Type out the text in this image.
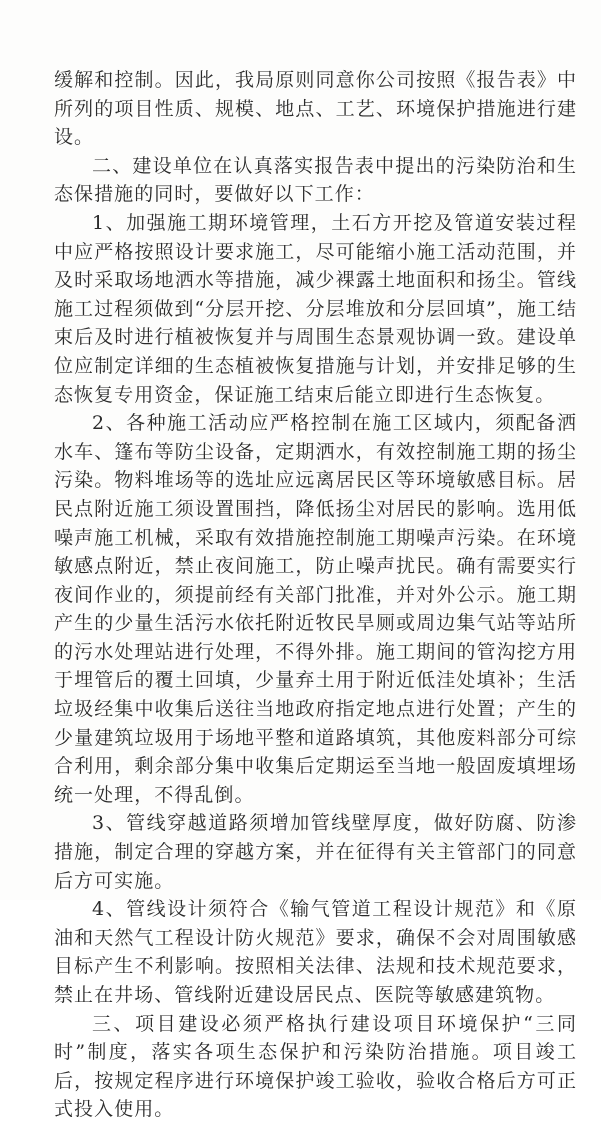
缓解和控制。因此，我局原则同意你公司按照《报告表》中所列的项目性质、规模、地点、工艺、环境保护措施进行建设。

二、建设单位在认真落实报告表中提出的污染防治和生态保措施的同时，要做好以下工作：

1、加强施工期环境管理，土石方开挖及管道安装过程中应严格按照设计要求施工，尽可能缩小施工活动范围，并及时采取场地洒水等措施，减少裸露土地面积和扬尘。管线施工过程须做到“分层开挖、分层堆放和分层回填”，施工结束后及时进行植被恢复并与周围生态景观协调一致。建设单位应制定详细的生态植被恢复措施与计划，并安排足够的生态恢复专用资金，保证施工结束后能立即进行生态恢复。

2、各种施工活动应严格控制在施工区域内，须配备洒水车、篷布等防尘设备，定期洒水，有效控制施工期的扬尘污染。物料堆场等的选址应远离居民区等环境敏感目标。居民点附近施工须设置围挡，降低扬尘对居民的影响。选用低噪声施工机械，采取有效措施控制施工期噪声污染。在环境敏感点附近，禁止夜间施工，防止噪声扰民。确有需要实行夜间作业的，须提前经有关部门批准，并对外公示。施工期产生的少量生活污水依托附近牧民旱厕或周边集气站等站所的污水处理站进行处理，不得外排。施工期间的管沟挖方用于埋管后的覆土回填，少量弃土用于附近低洼处填补；生活垃圾经集中收集后送往当地政府指定地点进行处置；产生的少量建筑垃圾用于场地平整和道路填筑，其他废料部分可综合利用，剩余部分集中收集后定期运至当地一般固废填埋场统一处理，不得乱倒。

3、管线穿越道路须增加管线壁厚度，做好防腐、防渗措施，制定合理的穿越方案，并在征得有关主管部门的同意后方可实施。

4、管线设计须符合《输气管道工程设计规范》和《原油和天然气工程设计防火规范》要求，确保不会对周围敏感目标产生不利影响。按照相关法律、法规和技术规范要求，禁止在井场、管线附近建设居民点、医院等敏感建筑物。

三、项目建设必须严格执行建设项目环境保护“三同时”制度，落实各项生态保护和污染防治措施。项目竣工后，按规定程序进行环境保护竣工验收，验收合格后方可正式投入使用。
